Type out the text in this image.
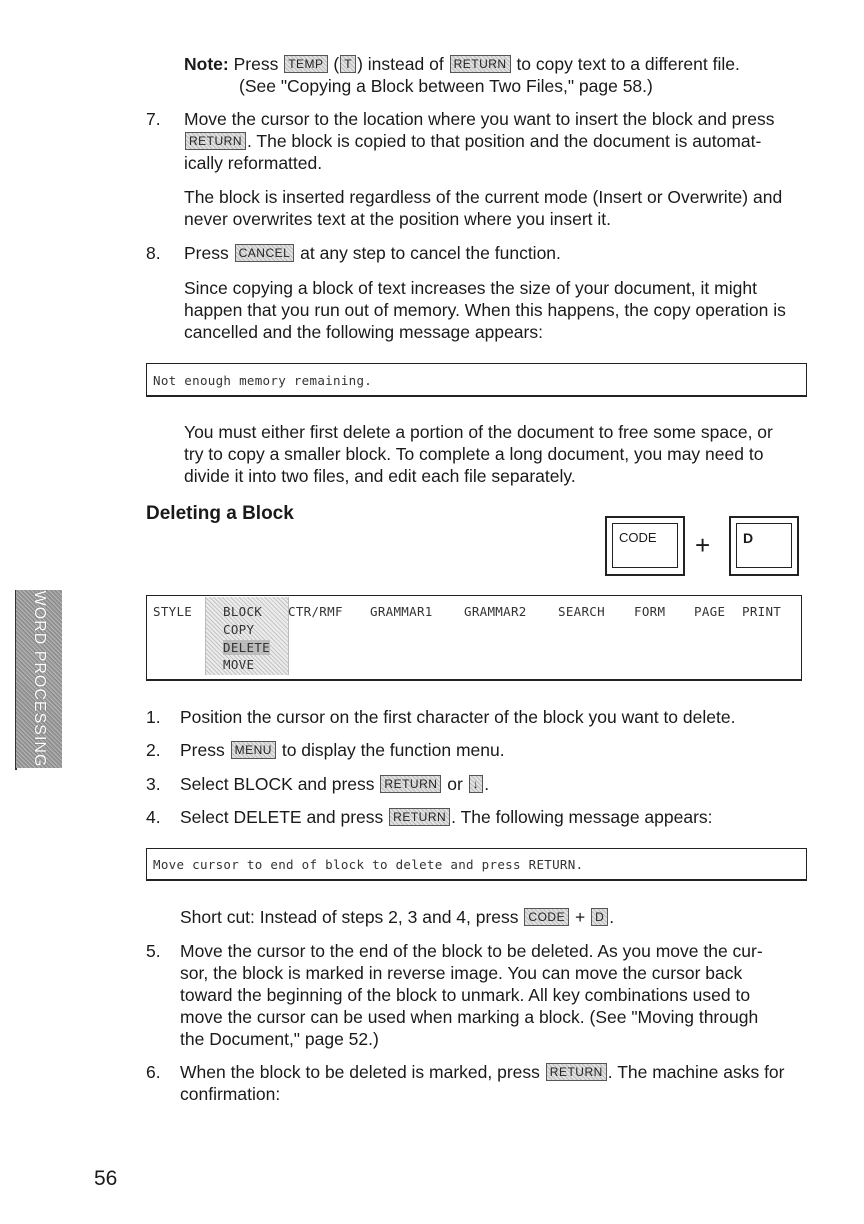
Note: Press TEMP ( T ) instead of RETURN to copy text to a different file.
(See "Copying a Block between Two Files," page 58.)
7.	Move the cursor to the location where you want to insert the block and press
RETURN . The block is copied to that position and the document is automat-
ically reformatted.
The block is inserted regardless of the current mode (Insert or Overwrite) and
never overwrites text at the position where you insert it.
8.	Press CANCEL at any step to cancel the function.
Since copying a block of text increases the size of your document, it might
happen that you run out of memory. When this happens, the copy operation is
cancelled and the following message appears:
Not enough memory remaining.
You must either first delete a portion of the document to free some space, or
try to copy a smaller block. To complete a long document, you may need to
divide it into two files, and edit each file separately.
Deleting a Block
CODE	+	D
STYLE BLOCK
COPY
DELETE
MOVE
CTR/RMF GRAMMAR1	GRAMMAR2	SEARCH FORM PAGE PRINT
1.	Position the cursor on the first character of the block you want to delete.
2.	Press MENU to display the function menu.
3.	Select BLOCK and press RETURN or ↓ .
4.	Select DELETE and press RETURN . The following message appears:
Move cursor to end of block to delete and press RETURN.
Short cut: Instead of steps 2, 3 and 4, press CODE + D .
5.	Move the cursor to the end of the block to be deleted. As you move the cur-
sor, the block is marked in reverse image. You can move the cursor back
toward the beginning of the block to unmark. All key combinations used to
move the cursor can be used when marking a block. (See "Moving through
the Document," page 52.)
6.	When the block to be deleted is marked, press RETURN . The machine asks for
confirmation:
WORD PROCESSING
56
